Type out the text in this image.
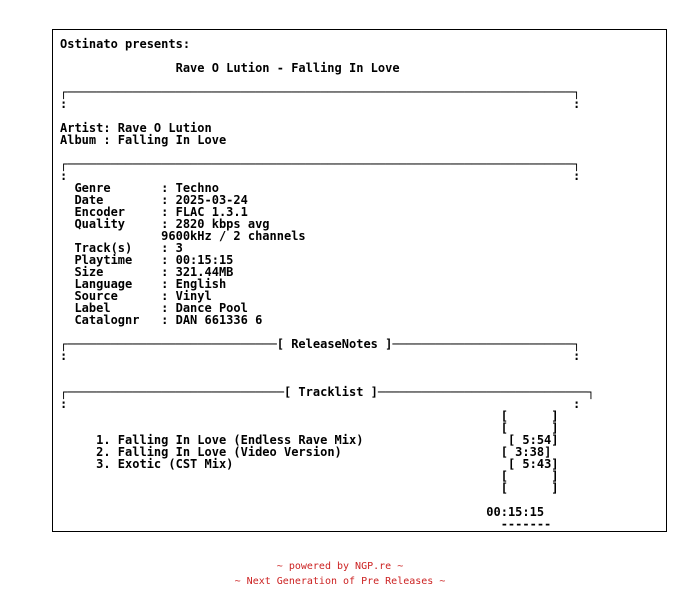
Ostinato presents:

Rave O Lution - Falling In Love

┌──────────────────────────────────────────────────────────────────────┐
:                                                                      :

Artist: Rave O Lution
Album : Falling In Love

┌──────────────────────────────────────────────────────────────────────┐
:                                                                      :
Genre       : Techno
Date        : 2025-03-24
Encoder     : FLAC 1.3.1
Quality     : 2820 kbps avg
9600kHz / 2 channels
Track(s)    : 3
Playtime    : 00:15:15
Size        : 321.44MB
Language    : English
Source      : Vinyl
Label       : Dance Pool
Catalognr   : DAN 661336 6

┌─────────────────────────────[ ReleaseNotes ]─────────────────────────┐
:                                                                      :

┌──────────────────────────────[ Tracklist ]─────────────────────────────┐
:                                                                      :
[      ]
[      ]
1. Falling In Love (Endless Rave Mix)	[ 5:54]
2. Falling In Love (Video Version)	[ 3:38]
3. Exotic (CST Mix)	[ 5:43]
[      ]
[      ]

00:15:15
-------

~ powered by NGP.re ~
~ Next Generation of Pre Releases ~
